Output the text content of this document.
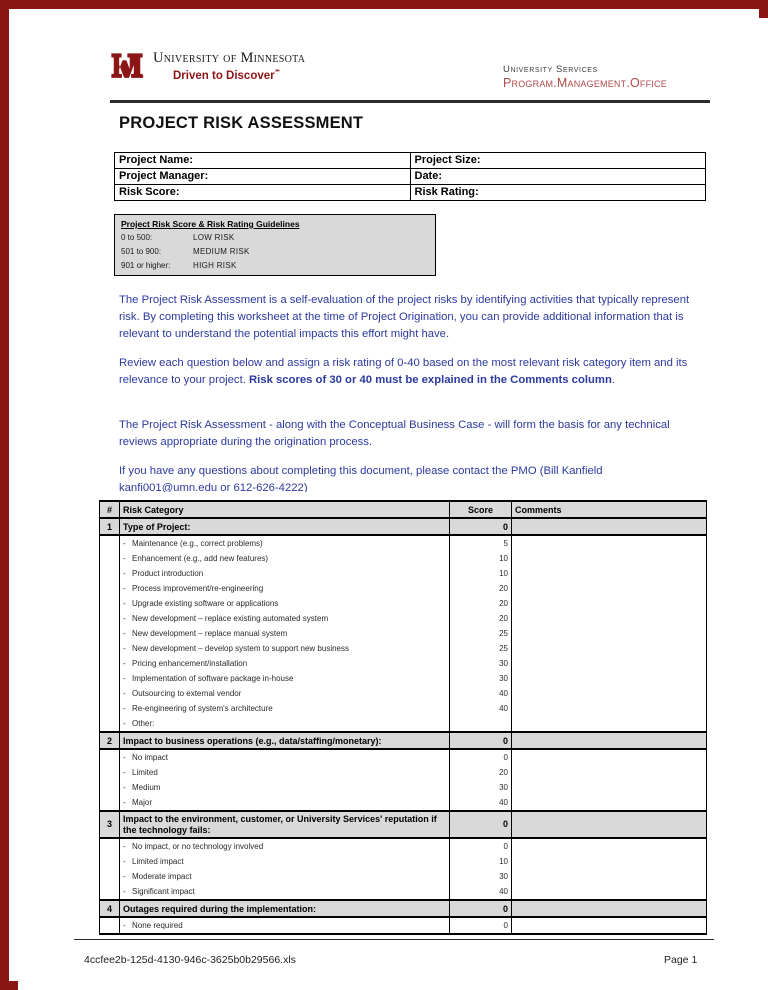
University of Minnesota
Driven to Discover℠	University Services
Program.Management.Office
PROJECT RISK ASSESSMENT
Project Name:	Project Size:
Project Manager:	Date:
Risk Score:	Risk Rating:
Project Risk Score & Risk Rating Guidelines
0 to 500:	LOW RISK
501 to 900:	MEDIUM RISK
901 or higher:	HIGH RISK
The Project Risk Assessment is a self-evaluation of the project risks by identifying activities that typically represent risk. By completing this worksheet at the time of Project Origination, you can provide additional information that is relevant to understand the potential impacts this effort might have.
Review each question below and assign a risk rating of 0-40 based on the most relevant risk category item and its relevance to your project. Risk scores of 30 or 40 must be explained in the Comments column.
The Project Risk Assessment - along with the Conceptual Business Case - will form the basis for any technical reviews appropriate during the origination process.
If you have any questions about completing this document, please contact the PMO (Bill Kanfield
kanfi001@umn.edu or 612-626-4222)
#	Risk Category	Score	Comments
1	Type of Project:	0	
	- Maintenance (e.g., correct problems)	5	
	- Enhancement (e.g., add new features)	10	
	- Product introduction	10	
	- Process improvement/re-engineering	20	
	- Upgrade existing software or applications	20	
	- New development – replace existing automated system	20	
	- New development – replace manual system	25	
	- New development – develop system to support new business	25	
	- Pricing enhancement/installation	30	
	- Implementation of software package in-house	30	
	- Outsourcing to external vendor	40	
	- Re-engineering of system's architecture	40	
	- Other:		
2	Impact to business operations (e.g., data/staffing/monetary):	0	
	- No impact	0	
	- Limited	20	
	- Medium	30	
	- Major	40	
3	Impact to the environment, customer, or University Services' reputation if the technology fails:	0	
	- No impact, or no technology involved	0	
	- Limited impact	10	
	- Moderate impact	30	
	- Significant impact	40	
4	Outages required during the implementation:	0	
	- None required	0	
4ccfee2b-125d-4130-946c-3625b0b29566.xls	Page 1
